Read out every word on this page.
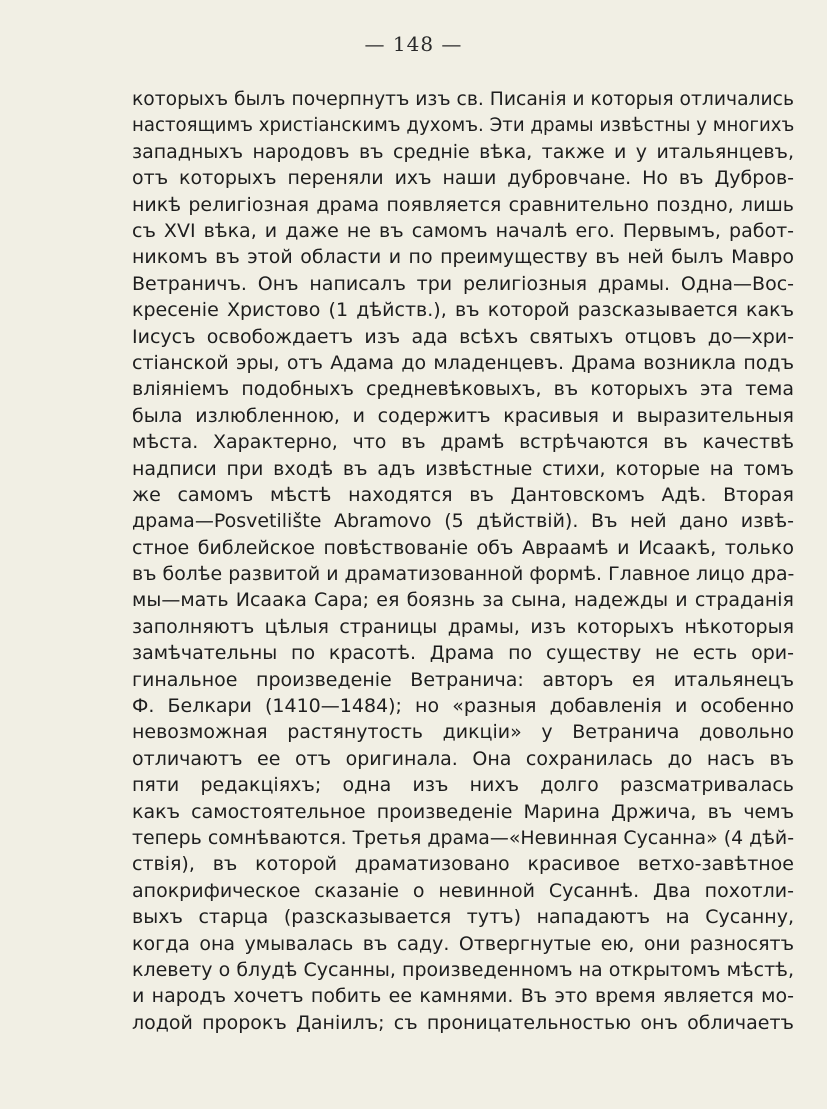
— 148 —
которыхъ былъ почерпнутъ изъ св. Писанія и которыя отличалисьнастоящимъ христіанскимъ духомъ. Эти драмы извѣстны у многихъ
западныхъ народовъ въ средніе вѣка, также и у итальянцевъ,
отъ которыхъ переняли ихъ наши дубровчане. Но въ Дубров-
никѣ религіозная драма появляется сравнительно поздно, лишь
съ XVI вѣка, и даже не въ самомъ началѣ его. Первымъ, работ-
никомъ въ этой области и по преимуществу въ ней былъ Мавро
Ветраничъ. Онъ написалъ три религіозныя драмы. Одна—Вос-
кресеніе Христово (1 дѣйств.), въ которой разсказывается какъ
Іисусъ освобождаетъ изъ ада всѣхъ святыхъ отцовъ до—хри-
стіанской эры, отъ Адама до младенцевъ. Драма возникла подъ
вліяніемъ подобныхъ средневѣковыхъ, въ которыхъ эта тема
была излюбленною, и содержитъ красивыя и выразительныя
мѣста. Характерно, что въ драмѣ встрѣчаются въ качествѣ
надписи при входѣ въ адъ извѣстные стихи, которые на томъ
же самомъ мѣстѣ находятся въ Дантовскомъ Адѣ. Вторая
драма—Posvetilište Abramovo (5 дѣйствій). Въ ней дано извѣ-
стное библейское повѣствованіе объ Авраамѣ и Исаакѣ, только
въ болѣе развитой и драматизованной формѣ. Главное лицо дра-
мы—мать Исаака Сара; ея боязнь за сына, надежды и страданія
заполняютъ цѣлыя страницы драмы, изъ которыхъ нѣкоторыя
замѣчательны по красотѣ. Драма по существу не есть ори-
гинальное произведеніе Ветранича: авторъ ея итальянецъ
Ф. Белкари (1410—1484); но «разныя добавленія и особенно
невозможная растянутость дикціи» у Ветранича довольно
отличаютъ ее отъ оригинала. Она сохранилась до насъ въ
пяти редакціяхъ; одна изъ нихъ долго разсматривалась
какъ самостоятельное произведеніе Марина Држича, въ чемъ
теперь сомнѣваются. Третья драма—«Невинная Сусанна» (4 дѣй-
ствія), въ которой драматизовано красивое ветхо-завѣтное
апокрифическое сказаніе о невинной Сусаннѣ. Два похотли-
выхъ старца (разсказывается тутъ) нападаютъ на Сусанну,
когда она умывалась въ саду. Отвергнутые ею, они разносятъ
клевету о блудѣ Сусанны, произведенномъ на открытомъ мѣстѣ,
и народъ хочетъ побить ее камнями. Въ это время является мо-
лодой пророкъ Даніилъ; съ проницательностью онъ обличаетъ
